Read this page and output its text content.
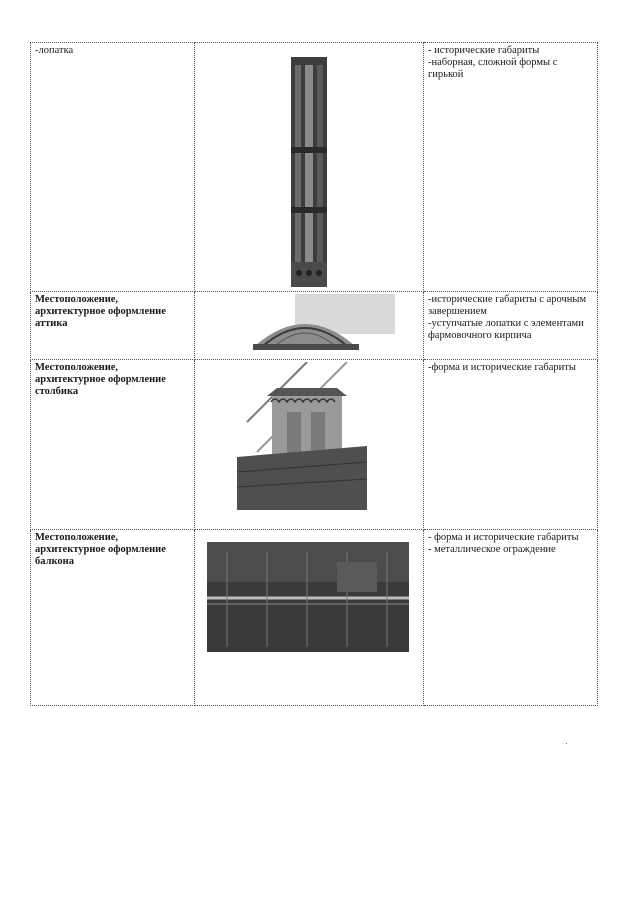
-лопатка		- исторические габариты
-наборная, сложной формы с гирькой

Местоположение, архитектурное оформление аттика		-исторические габариты с арочным завершением
-уступчатые лопатки с элементами фармовочного кирпича

Местоположение, архитектурное оформление столбика		-форма и исторические габариты

Местоположение, архитектурное оформление балкона		- форма и исторические габариты
- металлическое ограждение
